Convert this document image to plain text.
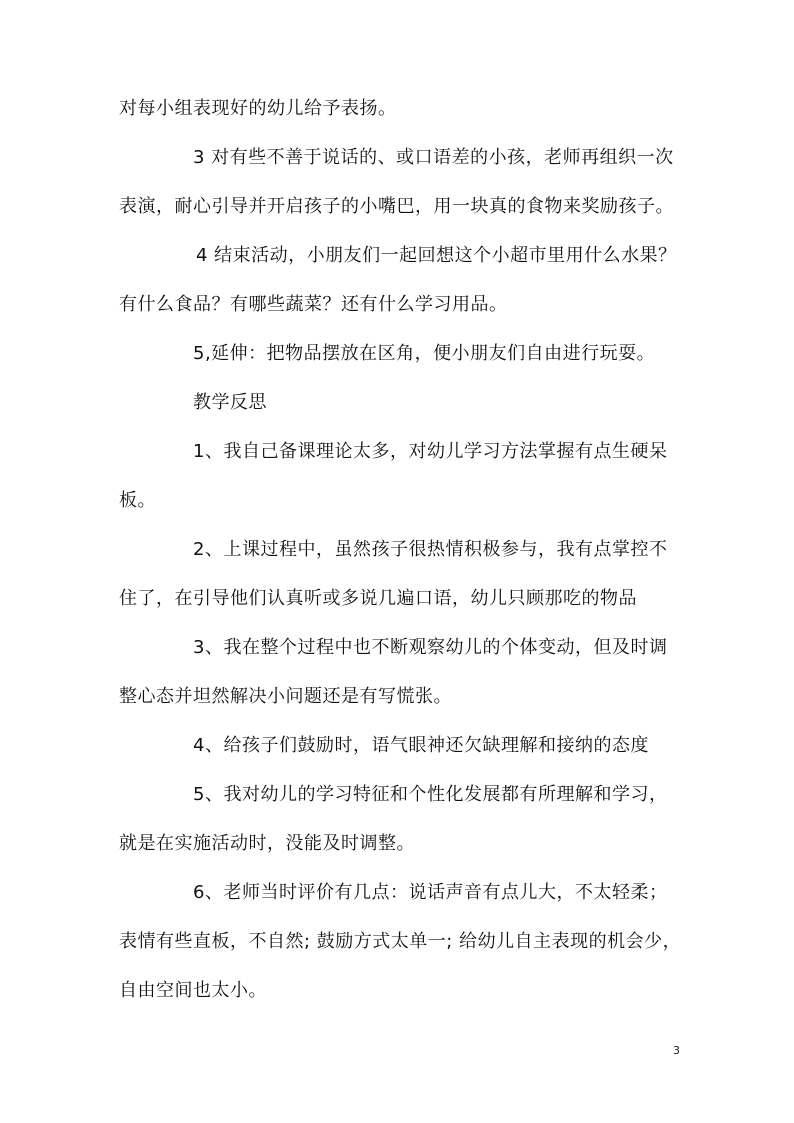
对每小组表现好的幼儿给予表扬。
3 对有些不善于说话的、或口语差的小孩，老师再组织一次
表演，耐心引导并开启孩子的小嘴巴，用一块真的食物来奖励孩子。
4 结束活动，小朋友们一起回想这个小超市里用什么水果？
有什么食品？有哪些蔬菜？还有什么学习用品。
5,延伸：把物品摆放在区角，便小朋友们自由进行玩耍。
教学反思
1、我自己备课理论太多，对幼儿学习方法掌握有点生硬呆
板。
2、上课过程中，虽然孩子很热情积极参与，我有点掌控不
住了，在引导他们认真听或多说几遍口语，幼儿只顾那吃的物品
3、我在整个过程中也不断观察幼儿的个体变动，但及时调
整心态并坦然解决小问题还是有写慌张。
4、给孩子们鼓励时，语气眼神还欠缺理解和接纳的态度
5、我对幼儿的学习特征和个性化发展都有所理解和学习，
就是在实施活动时，没能及时调整。
6、老师当时评价有几点：说话声音有点儿大，不太轻柔；
表情有些直板，不自然; 鼓励方式太单一; 给幼儿自主表现的机会少，
自由空间也太小。
3
